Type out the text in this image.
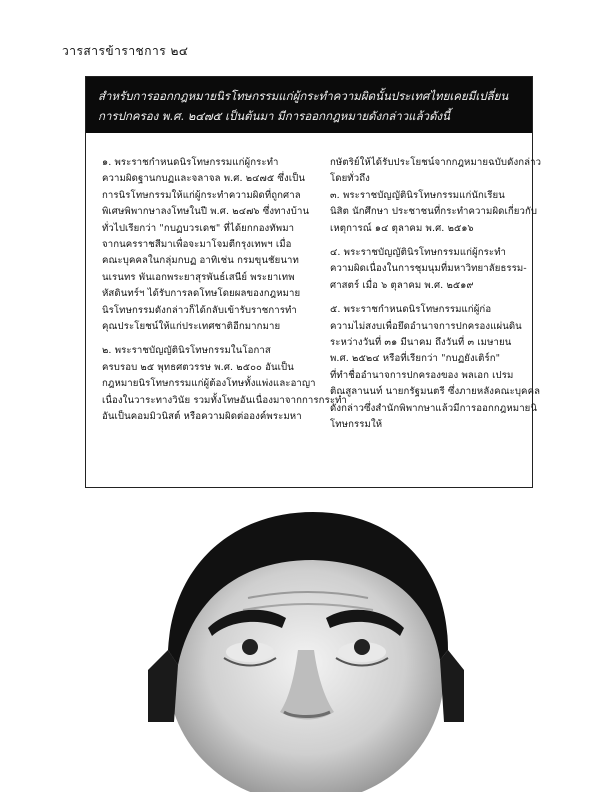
วารสารข้าราชการ ๒๔
สำหรับการออกกฎหมายนิรโทษกรรมแก่ผู้กระทำความผิดนั้นประเทศไทยเคยมีเปลี่ยน
การปกครอง พ.ศ. ๒๔๗๕ เป็นต้นมา มีการออกกฎหมายดังกล่าวแล้วดังนี้
๑. พระราชกำหนดนิรโทษกรรมแก่ผู้กระทำ
ความผิดฐานกบฏและจลาจล พ.ศ. ๒๔๗๕ ซึ่งเป็น
การนิรโทษกรรมให้แก่ผู้กระทำความผิดที่ถูกศาล
พิเศษพิพากษาลงโทษในปี พ.ศ. ๒๔๗๖ ซึ่งทางบ้าน
ทั่วไปเรียกว่า "กบฏบวรเดช" ที่ได้ยกกองทัพมา
จากนครราชสีมาเพื่อจะมาโจมตีกรุงเทพฯ เมื่อ
คณะบุคคลในกลุ่มกบฏ อาทิเช่น กรมขุนชัยนาท
นเรนทร พันเอกพระยาสุรพันธ์เสนีย์ พระยาเทพ
หัสดินทร์ฯ ได้รับการลดโทษโดยผลของกฎหมาย
นิรโทษกรรมดังกล่าวก็ได้กลับเข้ารับราชการทำ
คุณประโยชน์ให้แก่ประเทศชาติอีกมากมาย
๒. พระราชบัญญัตินิรโทษกรรมในโอกาส
ครบรอบ ๒๕ พุทธศตวรรษ พ.ศ. ๒๕๐๐ อันเป็น
กฎหมายนิรโทษกรรมแก่ผู้ต้องโทษทั้งแพ่งและอาญา
เนื่องในวาระทางวินัย รวมทั้งโทษอันเนื่องมาจากการกระทำ
อันเป็นคอมมิวนิสต์ หรือความผิดต่อองค์พระมหา
กษัตริย์ให้ได้รับประโยชน์จากกฎหมายฉบับดังกล่าว
โดยทั่วถึง
๓. พระราชบัญญัตินิรโทษกรรมแก่นักเรียน
นิสิต นักศึกษา ประชาชนที่กระทำความผิดเกี่ยวกับ
เหตุการณ์ ๑๔ ตุลาคม พ.ศ. ๒๕๑๖
๔. พระราชบัญญัตินิรโทษกรรมแก่ผู้กระทำ
ความผิดเนื่องในการชุมนุมที่มหาวิทยาลัยธรรม-
ศาสตร์ เมื่อ ๖ ตุลาคม พ.ศ. ๒๕๑๙
๕. พระราชกำหนดนิรโทษกรรมแก่ผู้ก่อ
ความไม่สงบเพื่อยึดอำนาจการปกครองแผ่นดิน
ระหว่างวันที่ ๓๑ มีนาคม ถึงวันที่ ๓ เมษายน
พ.ศ. ๒๕๒๔ หรือที่เรียกว่า "กบฏยังเติร์ก"
ที่ทำชื่ออำนาจการปกครองของ พลเอก เปรม
ติณสูลานนท์ นายกรัฐมนตรี ซึ่งภายหลังคณะบุคคล
ดังกล่าวซึ่งสำนักพิพากษาแล้วมีการออกกฎหมายนิ
โทษกรรมให้
